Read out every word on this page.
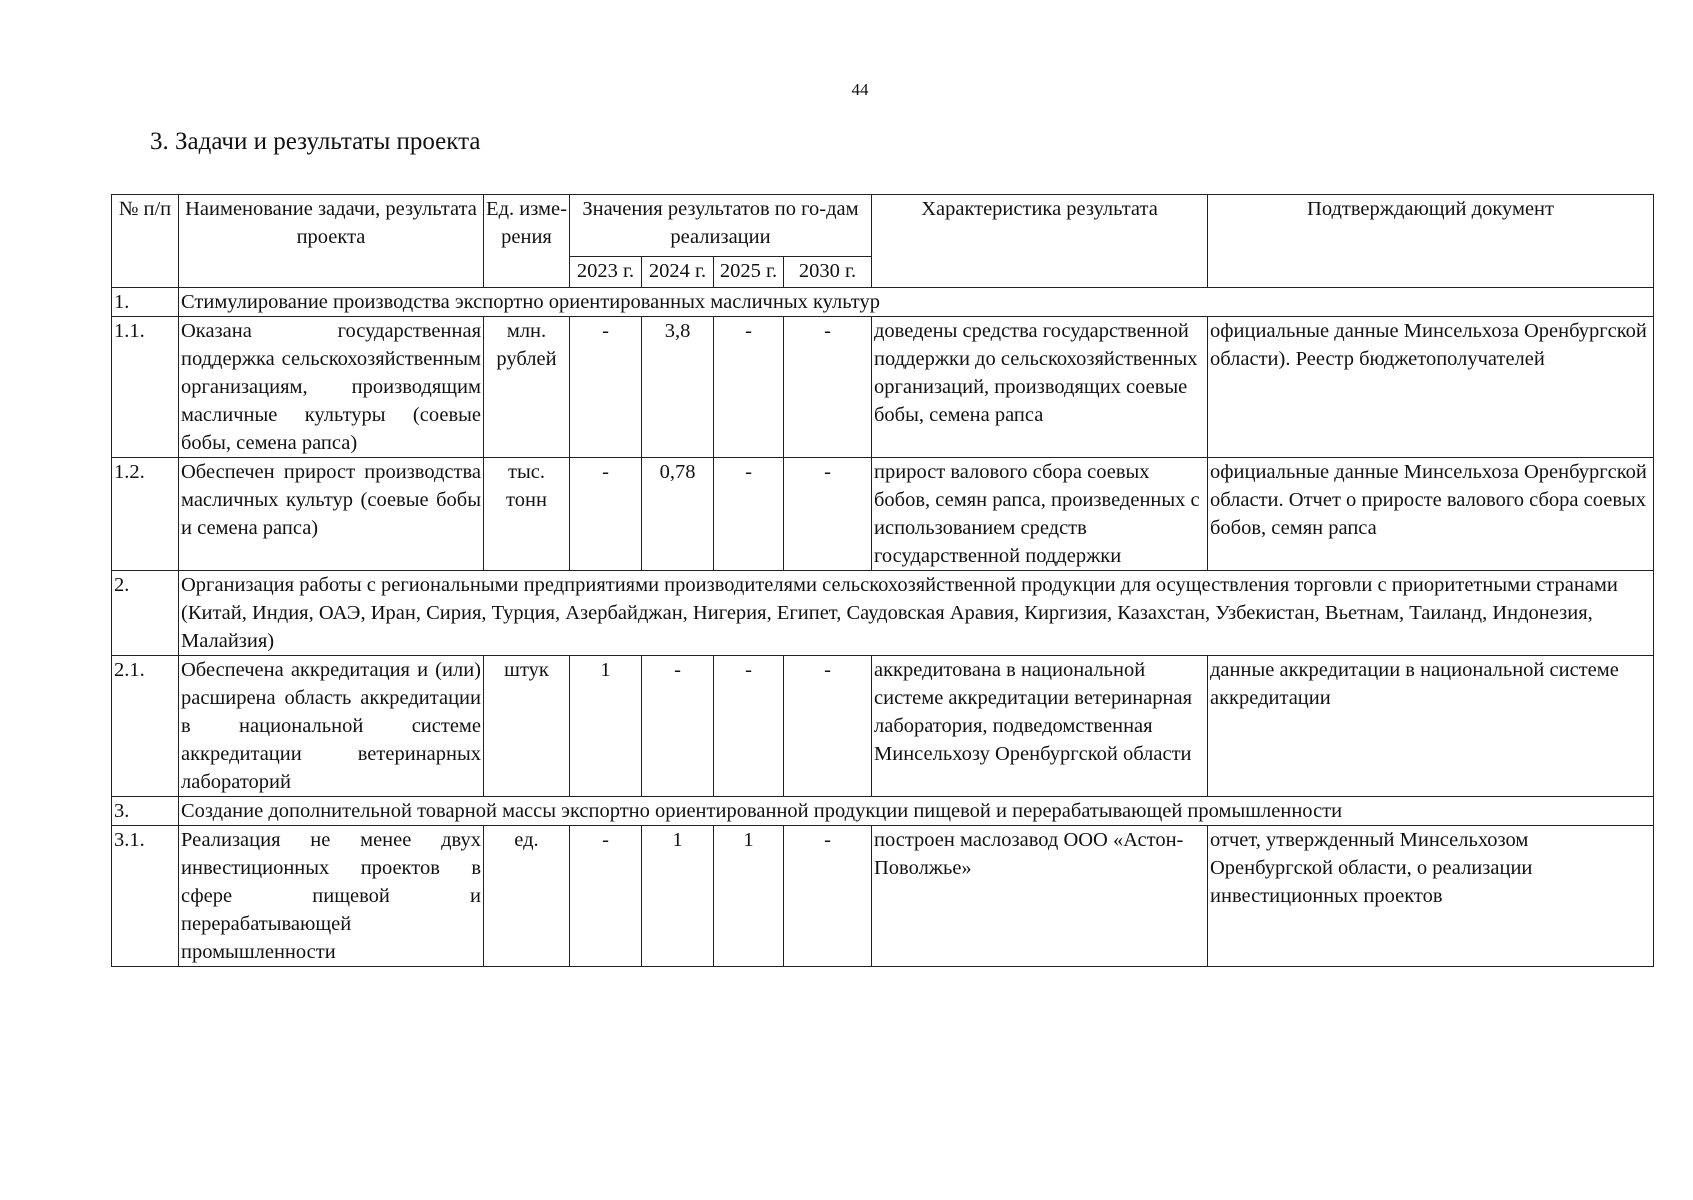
44
3. Задачи и результаты проекта
№ п/п	Наименование задачи, результата проекта	Ед. изме-рения	Значения результатов по го-дам реализации				Характеристика результата	Подтверждающий документ
			2023 г.	2024 г.	2025 г.	2030 г.		
1.	Стимулирование производства экспортно ориентированных масличных культур							
1.1.	Оказана государственная поддержка сельскохозяйственным организациям, производящим масличные культуры (соевые бобы, семена рапса)	млн. рублей	-	3,8	-	-	доведены средства государственной поддержки до сельскохозяйственных организаций, производящих соевые бобы, семена рапса	официальные данные Минсельхоза Оренбургской области). Реестр бюджетополучателей
1.2.	Обеспечен прирост производства масличных культур (соевые бобы и семена рапса)	тыс. тонн	-	0,78	-	-	прирост валового сбора соевых бобов, семян рапса, произведенных с использованием средств государственной поддержки	официальные данные Минсельхоза Оренбургской области. Отчет о приросте валового сбора соевых бобов, семян рапса
2.	Организация работы с региональными предприятиями производителями сельскохозяйственной продукции для осуществления торговли с приоритетными странами (Китай, Индия, ОАЭ, Иран, Сирия, Турция, Азербайджан, Нигерия, Египет, Саудовская Аравия, Киргизия, Казахстан, Узбекистан, Вьетнам, Таиланд, Индонезия, Малайзия)							
2.1.	Обеспечена аккредитация и (или) расширена область аккредитации в национальной системе аккредитации ветеринарных лабораторий	штук	1	-	-	-	аккредитована в национальной системе аккредитации ветеринарная лаборатория, подведомственная Минсельхозу Оренбургской области	данные аккредитации в национальной системе аккредитации
3.	Создание дополнительной товарной массы экспортно ориентированной продукции пищевой и перерабатывающей промышленности							
3.1.	Реализация не менее двух инвестиционных проектов в сфере пищевой и перерабатывающей промышленности	ед.	-	1	1	-	построен маслозавод ООО «Астон-Поволжье»	отчет, утвержденный Минсельхозом Оренбургской области, о реализации инвестиционных проектов
